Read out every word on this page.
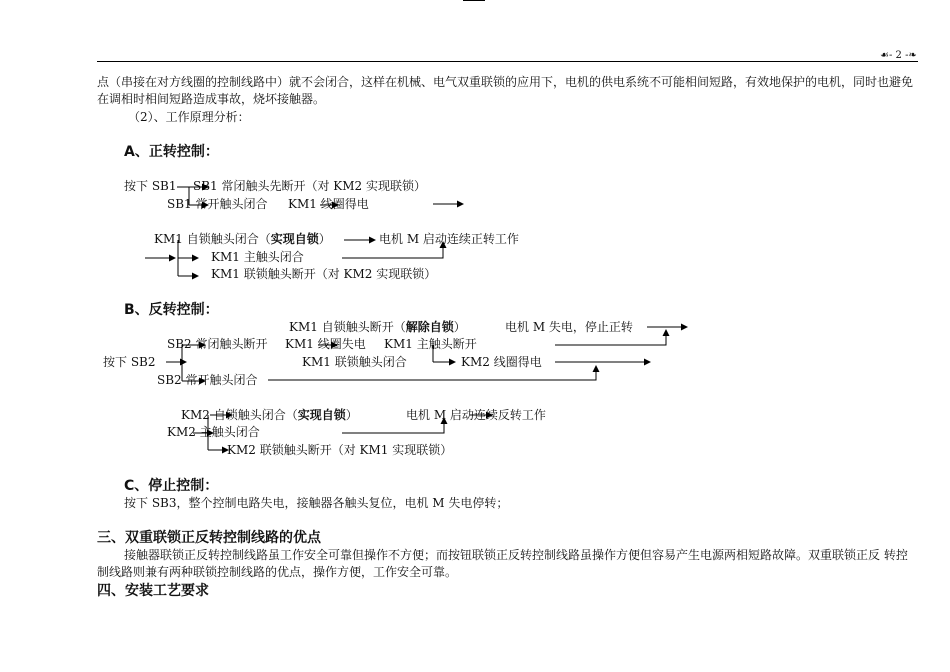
☙- 2 -❧
点（串接在对方线圈的控制线路中）就不会闭合，这样在机械、电气双重联锁的应用下，电机的供电系统不可能相间短路，有效地保护的电机，同时也避免在调相时相间短路造成事故，烧坏接触器。
（2）、工作原理分析：
A、正转控制：
按下 SB1 SB1 常闭触头先断开（对 KM2 实现联锁）
SB1 常开触头闭合 KM1 线圈得电
KM1 自锁触头闭合（实现自锁）	电机 M 启动连续正转工作
KM1 主触头闭合
KM1 联锁触头断开（对 KM2 实现联锁）
B、反转控制：
KM1 自锁触头断开（解除自锁）	电机 M 失电，停止正转
SB2 常闭触头断开 KM1 线圈失电 KM1 主触头断开
按下 SB2	KM1 联锁触头闭合	KM2 线圈得电
SB2 常开触头闭合
KM2 自锁触头闭合（实现自锁）	电机 M 启动连续反转工作
KM2 主触头闭合
KM2 联锁触头断开（对 KM1 实现联锁）
C、停止控制：
按下 SB3，整个控制电路失电，接触器各触头复位，电机 M 失电停转；
三、双重联锁正反转控制线路的优点
接触器联锁正反转控制线路虽工作安全可靠但操作不方便；而按钮联锁正反转控制线路虽操作方便但容易产生电源两相短路故障。双重联锁正反 转控制线路则兼有两种联锁控制线路的优点，操作方便，工作安全可靠。
四、安装工艺要求
